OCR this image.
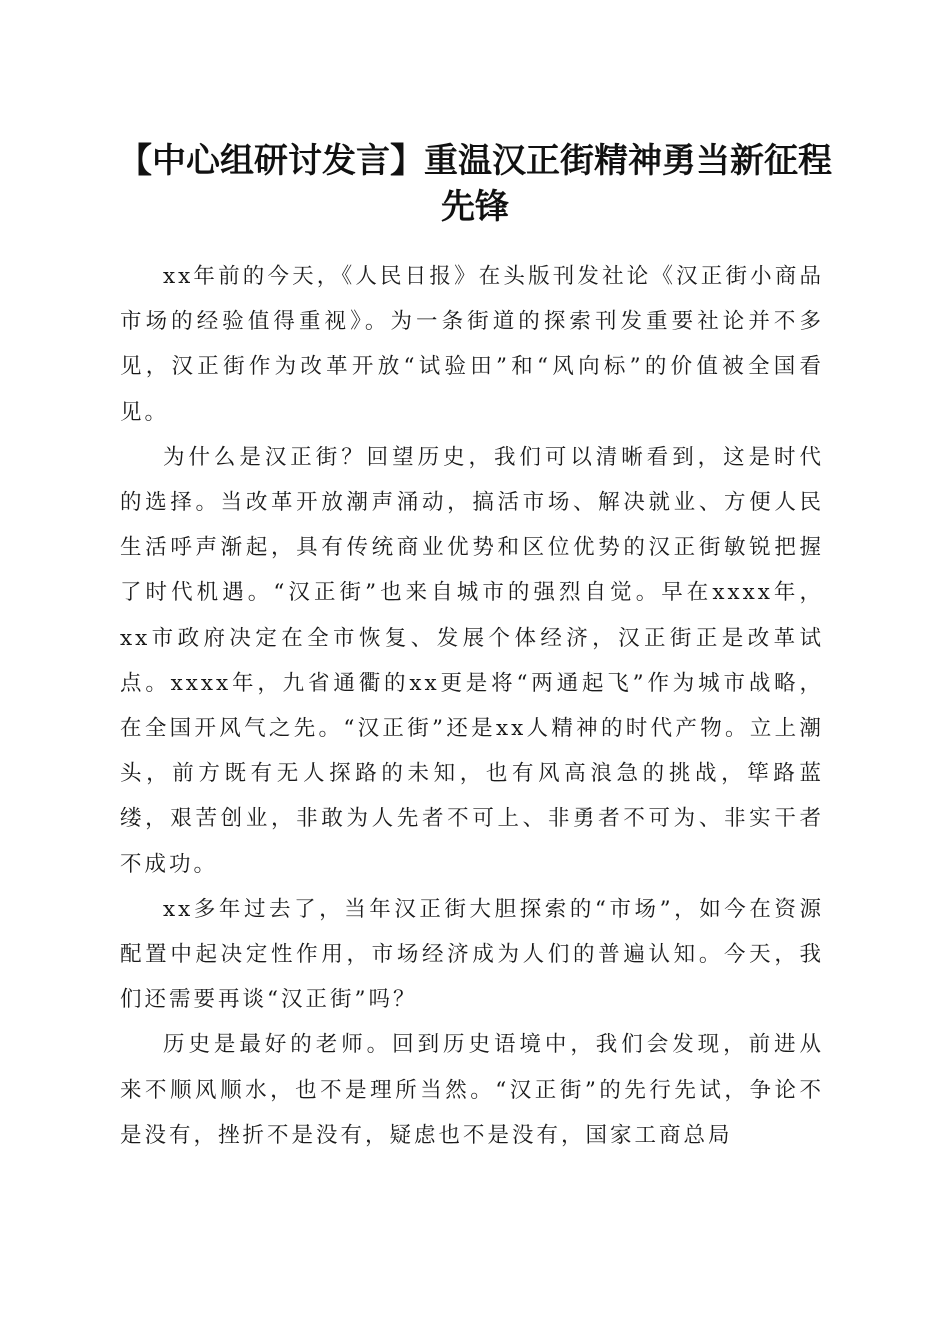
【中心组研讨发言】重温汉正街精神勇当新征程先锋

xx年前的今天，《人民日报》在头版刊发社论《汉正街小商品市场的经验值得重视》。为一条街道的探索刊发重要社论并不多见，汉正街作为改革开放“试验田”和“风向标”的价值被全国看见。

为什么是汉正街？回望历史，我们可以清晰看到，这是时代的选择。当改革开放潮声涌动，搞活市场、解决就业、方便人民生活呼声渐起，具有传统商业优势和区位优势的汉正街敏锐把握了时代机遇。“汉正街”也来自城市的强烈自觉。早在xxxx年，xx市政府决定在全市恢复、发展个体经济，汉正街正是改革试点。xxxx年，九省通衢的xx更是将“两通起飞”作为城市战略，在全国开风气之先。“汉正街”还是xx人精神的时代产物。立上潮头，前方既有无人探路的未知，也有风高浪急的挑战，筚路蓝缕，艰苦创业，非敢为人先者不可上、非勇者不可为、非实干者不成功。

xx多年过去了，当年汉正街大胆探索的“市场”，如今在资源配置中起决定性作用，市场经济成为人们的普遍认知。今天，我们还需要再谈“汉正街”吗？

历史是最好的老师。回到历史语境中，我们会发现，前进从来不顺风顺水，也不是理所当然。“汉正街”的先行先试，争论不是没有，挫折不是没有，疑虑也不是没有，国家工商总局
